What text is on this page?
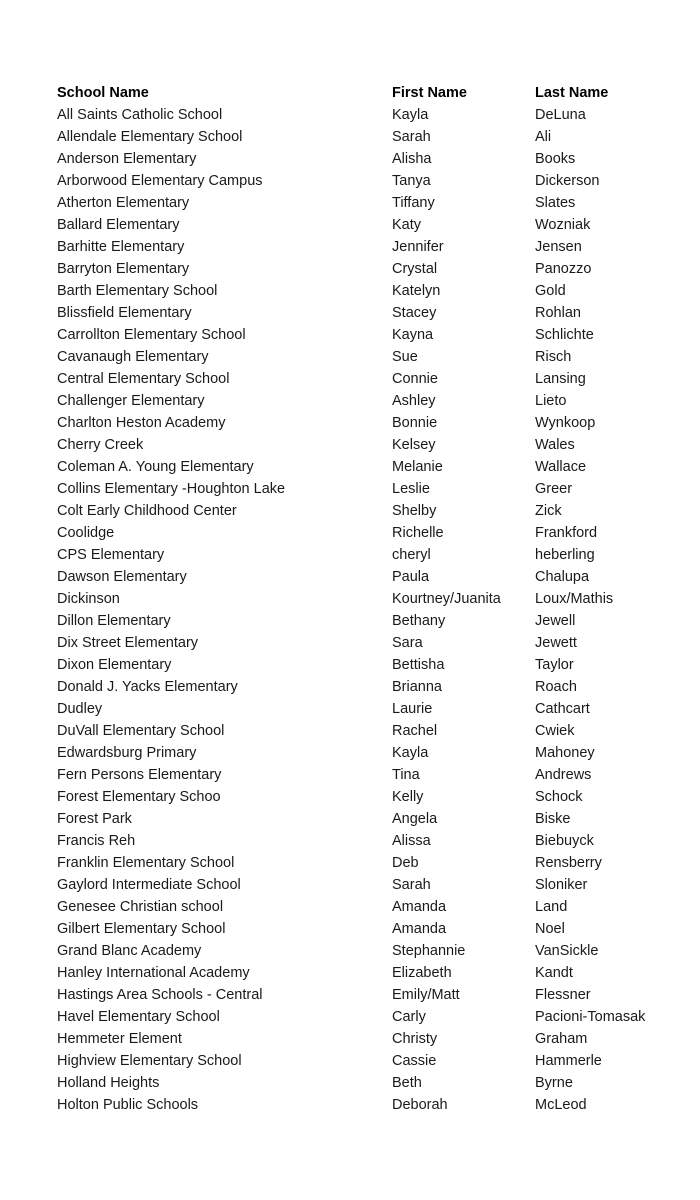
School Name	First Name	Last Name
All Saints Catholic School	Kayla	DeLuna
Allendale Elementary School	Sarah	Ali
Anderson Elementary	Alisha	Books
Arborwood Elementary Campus	Tanya	Dickerson
Atherton Elementary	Tiffany	Slates
Ballard Elementary	Katy	Wozniak
Barhitte Elementary	Jennifer	Jensen
Barryton Elementary	Crystal	Panozzo
Barth Elementary School	Katelyn	Gold
Blissfield Elementary	Stacey	Rohlan
Carrollton Elementary School	Kayna	Schlichte
Cavanaugh Elementary	Sue	Risch
Central Elementary School	Connie	Lansing
Challenger Elementary	Ashley	Lieto
Charlton Heston Academy	Bonnie	Wynkoop
Cherry Creek	Kelsey	Wales
Coleman A. Young Elementary	Melanie	Wallace
Collins Elementary -Houghton Lake	Leslie	Greer
Colt Early Childhood Center	Shelby	Zick
Coolidge	Richelle	Frankford
CPS Elementary	cheryl	heberling
Dawson Elementary	Paula	Chalupa
Dickinson	Kourtney/Juanita	Loux/Mathis
Dillon Elementary	Bethany	Jewell
Dix Street Elementary	Sara	Jewett
Dixon Elementary	Bettisha	Taylor
Donald J. Yacks Elementary	Brianna	Roach
Dudley	Laurie	Cathcart
DuVall Elementary School	Rachel	Cwiek
Edwardsburg Primary	Kayla	Mahoney
Fern Persons Elementary	Tina	Andrews
Forest Elementary Schoo	Kelly	Schock
Forest Park	Angela	Biske
Francis Reh	Alissa	Biebuyck
Franklin Elementary School	Deb	Rensberry
Gaylord Intermediate School	Sarah	Sloniker
Genesee Christian school	Amanda	Land
Gilbert Elementary School	Amanda	Noel
Grand Blanc Academy	Stephannie	VanSickle
Hanley International Academy	Elizabeth	Kandt
Hastings Area Schools - Central	Emily/Matt	Flessner
Havel Elementary School	Carly	Pacioni-Tomasak
Hemmeter Element	Christy	Graham
Highview Elementary School	Cassie	Hammerle
Holland Heights	Beth	Byrne
Holton Public Schools	Deborah	McLeod
